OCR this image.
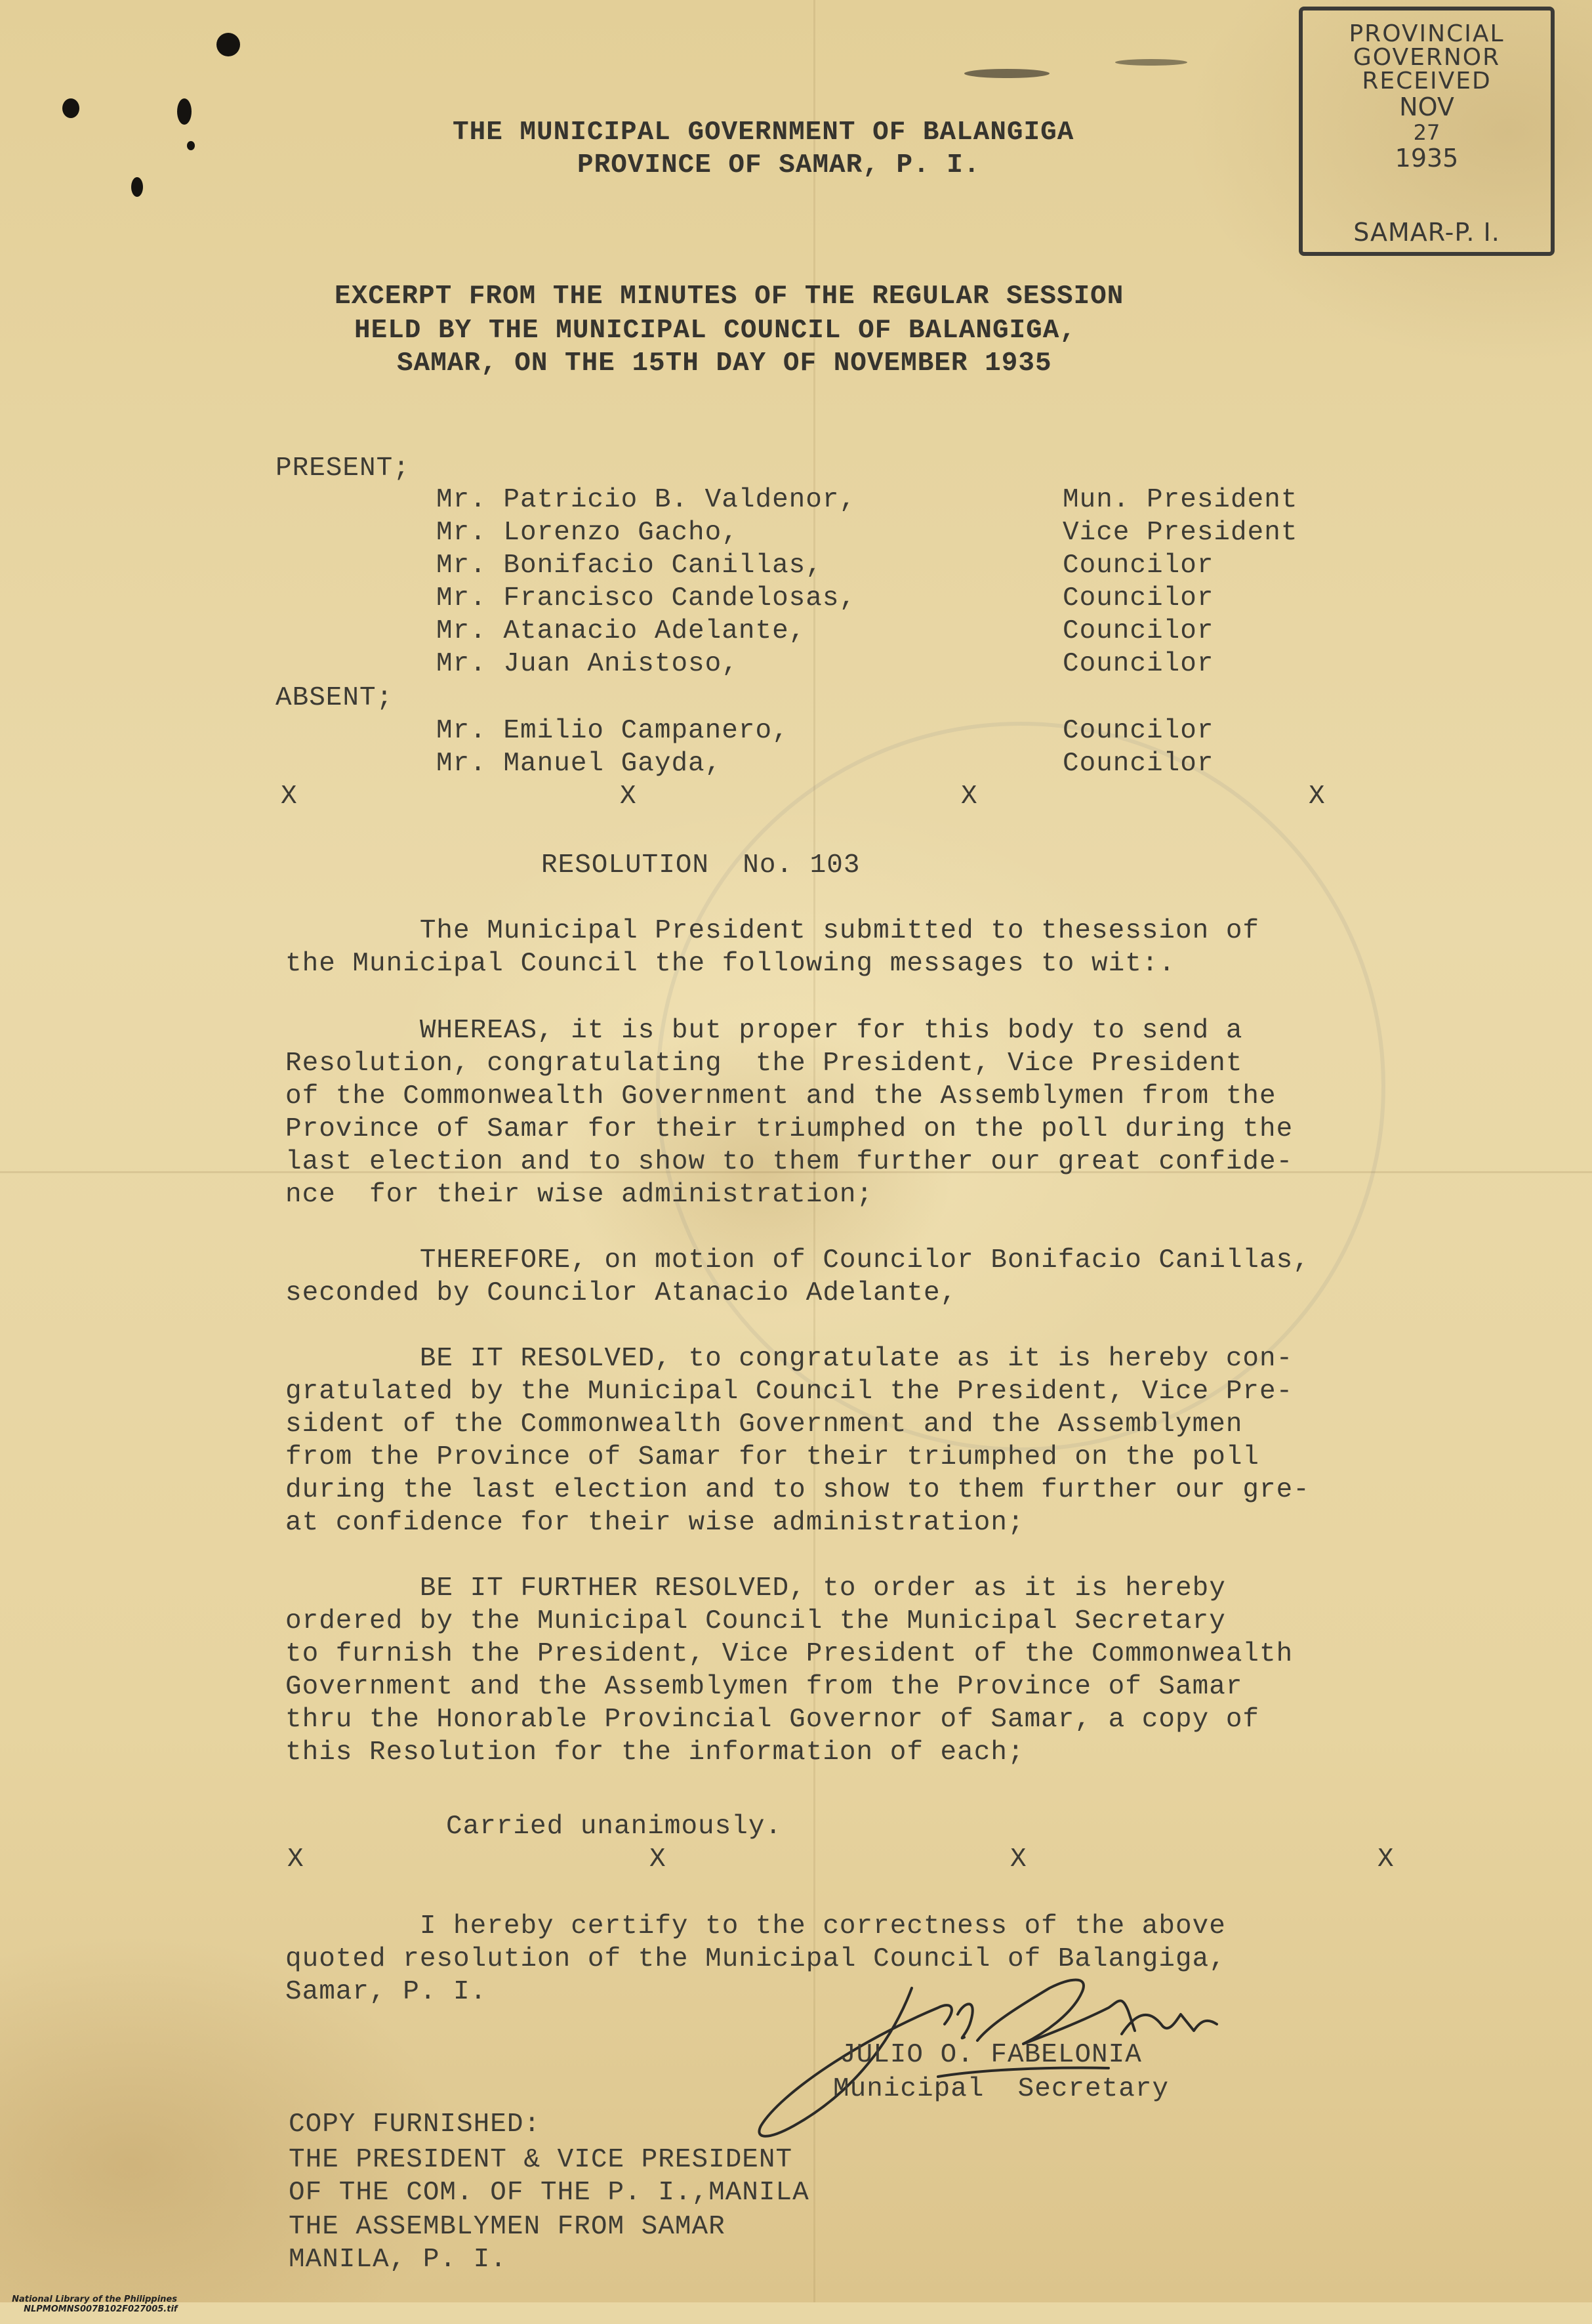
THE MUNICIPAL GOVERNMENT OF BALANGIGA
PROVINCE OF SAMAR, P. I.
PROVINCIAL
GOVERNOR
RECEIVED
NOV
27
1935
SAMAR-P. I.
EXCERPT FROM THE MINUTES OF THE REGULAR SESSION
HELD BY THE MUNICIPAL COUNCIL OF BALANGIGA,
SAMAR, ON THE 15TH DAY OF NOVEMBER 1935
PRESENT;
Mr. Patricio B. Valdenor,	Mun. President
Mr. Lorenzo Gacho,	Vice President
Mr. Bonifacio Canillas,	Councilor
Mr. Francisco Candelosas,	Councilor
Mr. Atanacio Adelante,	Councilor
Mr. Juan Anistoso,	Councilor
ABSENT;
Mr. Emilio Campanero,	Councilor
Mr. Manuel Gayda,	Councilor
X	X	X	X
RESOLUTION  No. 103
The Municipal President submitted to thesession of
the Municipal Council the following messages to wit:.
WHEREAS, it is but proper for this body to send a
Resolution, congratulating  the President, Vice President
of the Commonwealth Government and the Assemblymen from the
Province of Samar for their triumphed on the poll during the
last election and to show to them further our great confide-
nce  for their wise administration;
THEREFORE, on motion of Councilor Bonifacio Canillas,
seconded by Councilor Atanacio Adelante,
BE IT RESOLVED, to congratulate as it is hereby con-
gratulated by the Municipal Council the President, Vice Pre-
sident of the Commonwealth Government and the Assemblymen
from the Province of Samar for their triumphed on the poll
during the last election and to show to them further our gre-
at confidence for their wise administration;
BE IT FURTHER RESOLVED, to order as it is hereby
ordered by the Municipal Council the Municipal Secretary
to furnish the President, Vice President of the Commonwealth
Government and the Assemblymen from the Province of Samar
thru the Honorable Provincial Governor of Samar, a copy of
this Resolution for the information of each;
Carried unanimously.
X	X	X	X
I hereby certify to the correctness of the above
quoted resolution of the Municipal Council of Balangiga,
Samar, P. I.
JULIO O. FABELONIA
Municipal  Secretary
COPY FURNISHED:
THE PRESIDENT & VICE PRESIDENT
OF THE COM. OF THE P. I.,MANILA
THE ASSEMBLYMEN FROM SAMAR
MANILA, P. I.

National Library of the Philippines
NLPMOMNS007B102F027005.tif
